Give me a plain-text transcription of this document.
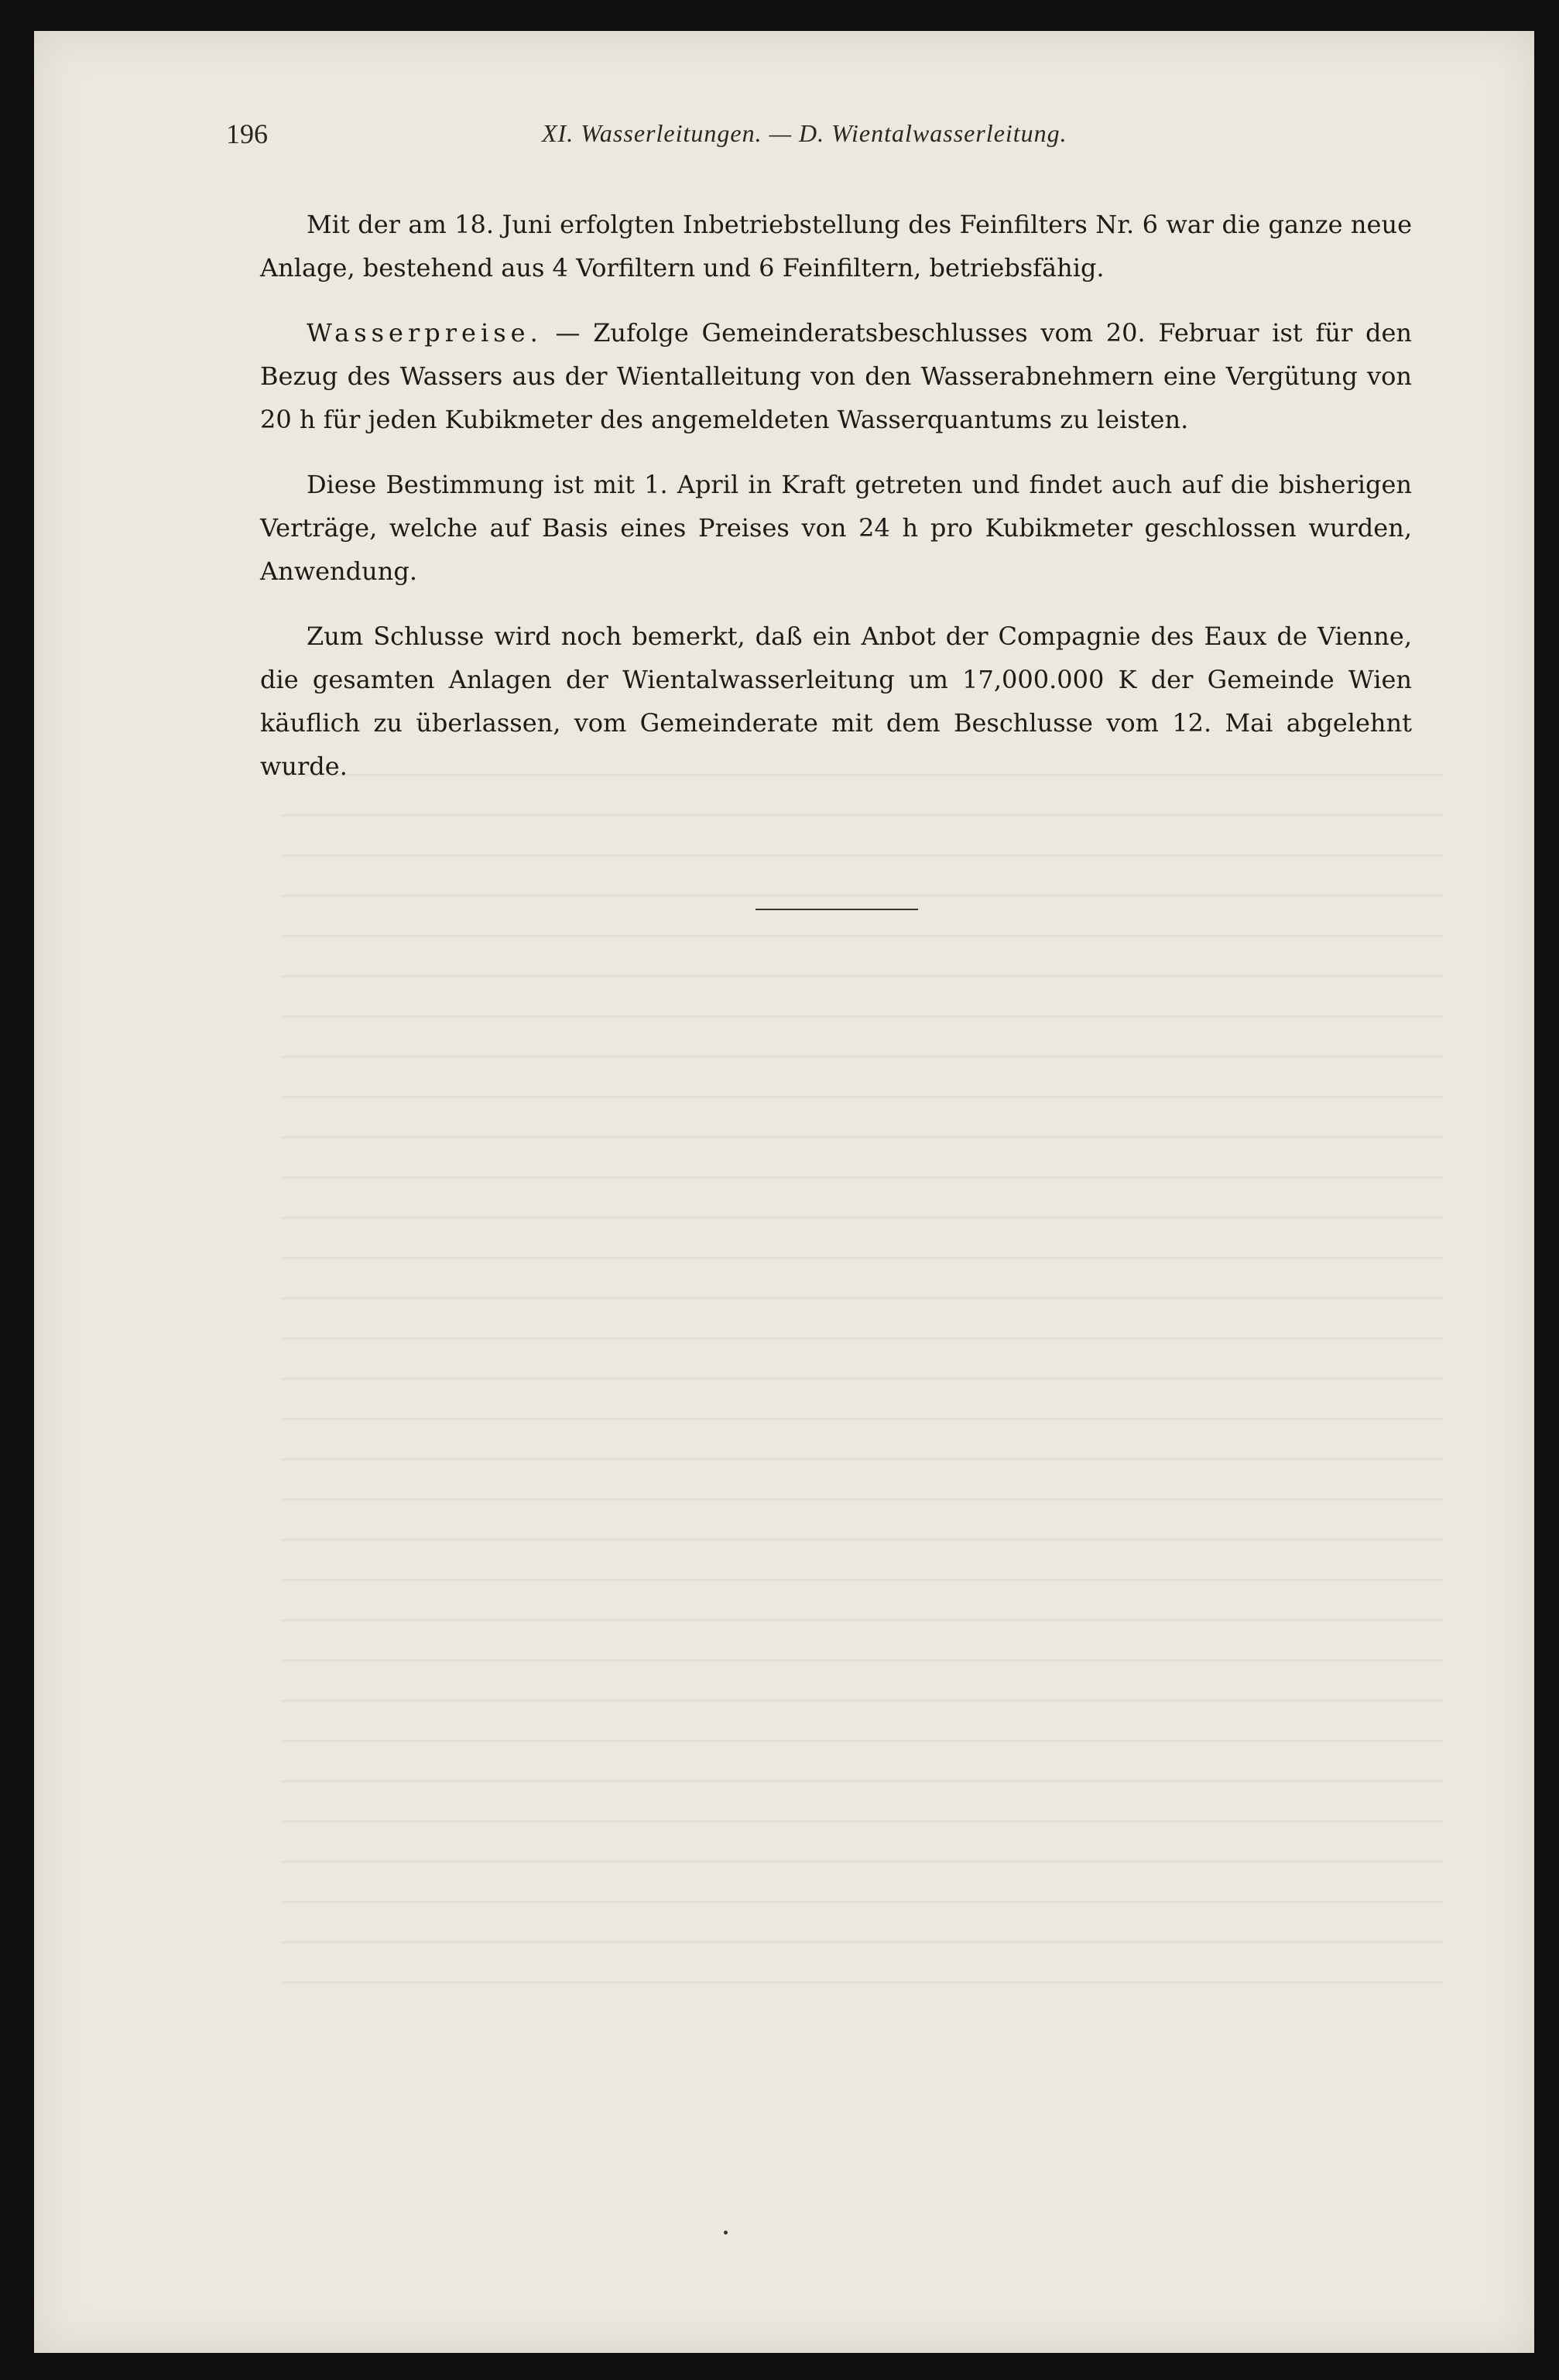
196	XI. Wasserleitungen. — D. Wientalwasserleitung.

Mit der am 18. Juni erfolgten Inbetriebstellung des Feinfilters Nr. 6 war die ganze neue Anlage, bestehend aus 4 Vorfiltern und 6 Feinfiltern, betriebsfähig.

Wasserpreise. — Zufolge Gemeinderatsbeschlusses vom 20. Februar ist für den Bezug des Wassers aus der Wientalleitung von den Wasserabnehmern eine Vergütung von 20 h für jeden Kubikmeter des angemeldeten Wasserquantums zu leisten.

Diese Bestimmung ist mit 1. April in Kraft getreten und findet auch auf die bisherigen Verträge, welche auf Basis eines Preises von 24 h pro Kubikmeter geschlossen wurden, Anwendung.

Zum Schlusse wird noch bemerkt, daß ein Anbot der Compagnie des Eaux de Vienne, die gesamten Anlagen der Wientalwasserleitung um 17,000.000 K der Gemeinde Wien käuflich zu überlassen, vom Gemeinderate mit dem Beschlusse vom 12. Mai abgelehnt wurde.
